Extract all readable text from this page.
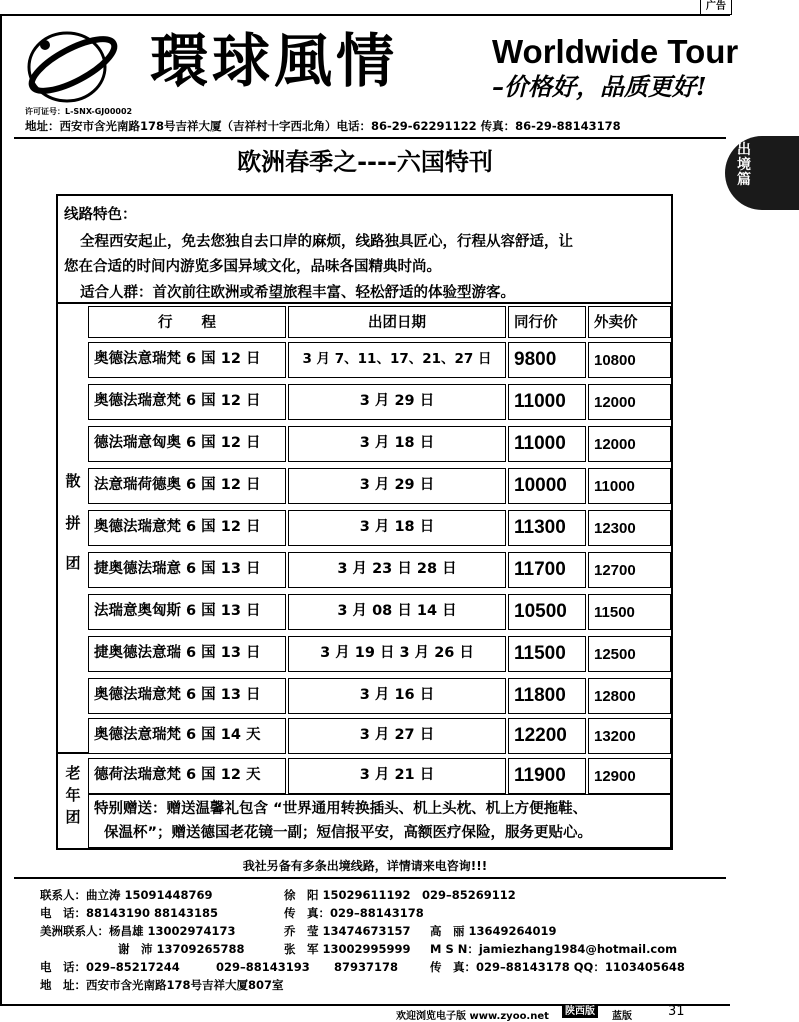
广告
出境篇
環球風情	Worldwide Tour
–价格好，品质更好!
许可证号：L-SNX-GJ00002
地址：西安市含光南路178号吉祥大厦（吉祥村十字西北角）电话：86-29-62291122 传真：86-29-88143178
欧洲春季之----六国特刊
线路特色：
全程西安起止，免去您独自去口岸的麻烦，线路独具匠心，行程从容舒适，让
您在合适的时间内游览多国异域文化，品味各国精典时尚。
适合人群：首次前往欧洲或希望旅程丰富、轻松舒适的体验型游客。
散
拼
团
老
年
团
行　　程	出团日期	同行价	外卖价
奥德法意瑞梵 6 国 12 日	3 月 7、11、17、21、27 日	9800	10800
奥德法瑞意梵 6 国 12 日	3 月 29 日	11000	12000
德法瑞意匈奥 6 国 12 日	3 月 18 日	11000	12000
法意瑞荷德奥 6 国 12 日	3 月 29 日	10000	11000
奥德法瑞意梵 6 国 12 日	3 月 18 日	11300	12300
捷奥德法瑞意 6 国 13 日	3 月 23 日 28 日	11700	12700
法瑞意奥匈斯 6 国 13 日	3 月 08 日 14 日	10500	11500
捷奥德法意瑞 6 国 13 日	3 月 19 日 3 月 26 日	11500	12500
奥德法瑞意梵 6 国 13 日	3 月 16 日	11800	12800
奥德法意瑞梵 6 国 14 天	3 月 27 日	12200	13200
德荷法瑞意梵 6 国 12 天	3 月 21 日	11900	12900
特别赠送：赠送温馨礼包含 “世界通用转换插头、机上头枕、机上方便拖鞋、
保温杯”；赠送德国老花镜一副；短信报平安，高额医疗保险，服务更贴心。
我社另备有多条出境线路，详情请来电咨询!!!
联系人：曲立涛 15091448769	徐　阳 15029611192　029–85269112
电　话：88143190 88143185	传　真：029–88143178
美洲联系人：杨昌雄 13002974173	乔　莹 13474673157 高　丽 13649264019
谢　沛 13709265788	张　军 13002995999 M S N：jamiezhang1984@hotmail.com
电　话：029–85217244	029–88143193 87937178	传　真：029–88143178 QQ：1103405648
地　址：西安市含光南路178号吉祥大厦807室
欢迎浏览电子版 www.zyoo.net	陕西版	蓝版	31
